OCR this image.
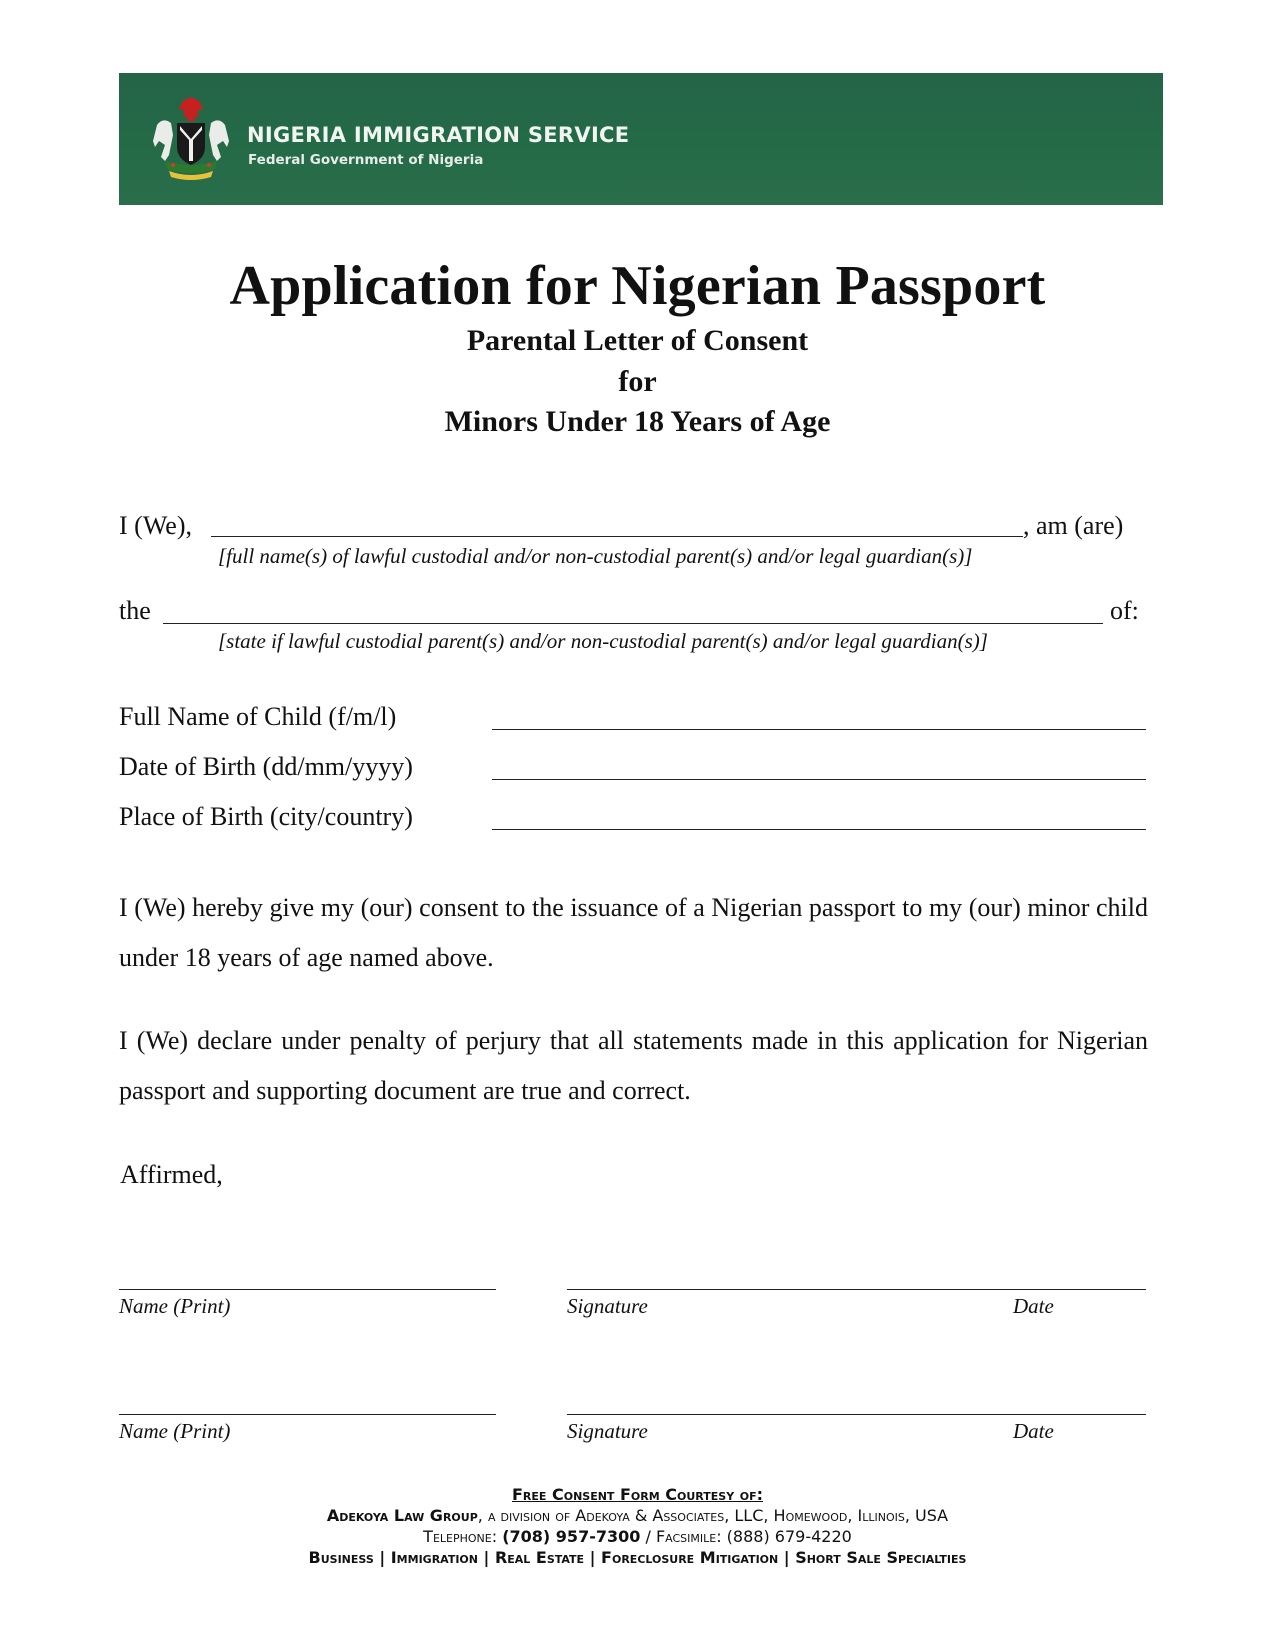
NIGERIA IMMIGRATION SERVICE
Federal Government of Nigeria
Application for Nigerian Passport
Parental Letter of Consent
for
Minors Under 18 Years of Age
I (We),	, am (are)
[full name(s) of lawful custodial and/or non-custodial parent(s) and/or legal guardian(s)]
the	of:
[state if lawful custodial parent(s) and/or non-custodial parent(s) and/or legal guardian(s)]
Full Name of Child (f/m/l)
Date of Birth (dd/mm/yyyy)
Place of Birth (city/country)
I (We) hereby give my (our) consent to the issuance of a Nigerian passport to my (our) minor child under 18 years of age named above.
I (We) declare under penalty of perjury that all statements made in this application for Nigerian passport and supporting document are true and correct.
Affirmed,
Name (Print)	Signature	Date
Name (Print)	Signature	Date
Free Consent Form Courtesy of:
Adekoya Law Group, a division of Adekoya & Associates, LLC, Homewood, Illinois, USA
Telephone: (708) 957-7300 / Facsimile: (888) 679-4220
Business | Immigration | Real Estate | Foreclosure Mitigation | Short Sale Specialties
